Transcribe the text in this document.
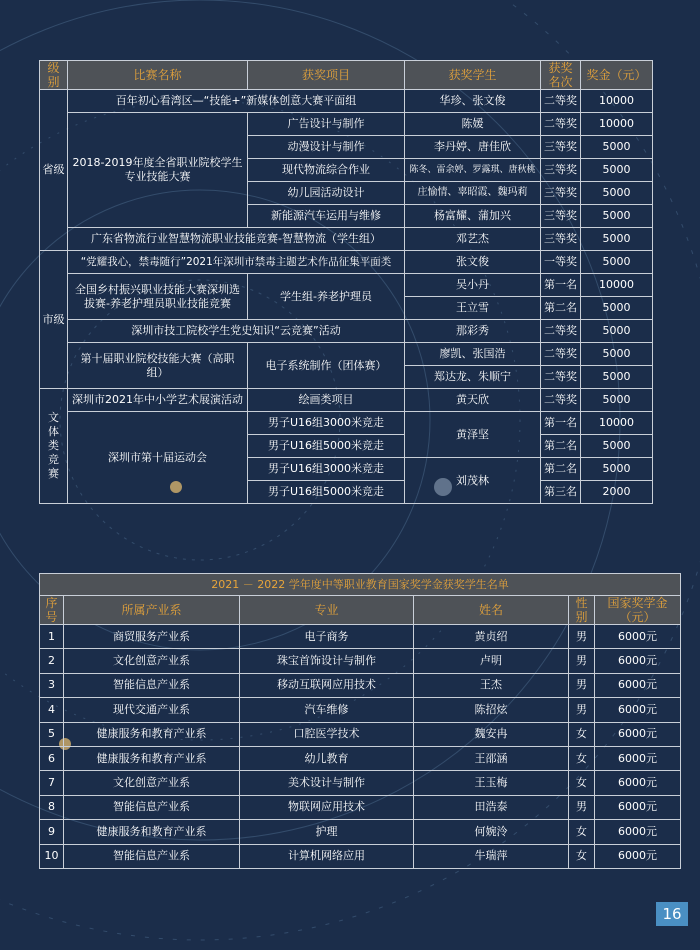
级别	比赛名称	获奖项目	获奖学生	获奖名次	奖金（元）
省级	百年初心看湾区—“技能+”新媒体创意大赛平面组		华珍、张文俊	二等奖	10000
	2018-2019年度全省职业院校学生专业技能大赛	广告设计与制作	陈媛	二等奖	10000
		动漫设计与制作	李丹婷、唐佳欣	三等奖	5000
		现代物流综合作业	陈冬、雷余婷、罗露琪、唐秋桃	三等奖	5000
		幼儿园活动设计	庄愉情、辜昭霞、魏玛莉	三等奖	5000
		新能源汽车运用与维修	杨富耀、蒲加兴	三等奖	5000
	广东省物流行业智慧物流职业技能竞赛-智慧物流（学生组）		邓艺杰	三等奖	5000
市级	“党耀我心，禁毒随行”2021年深圳市禁毒主题艺术作品征集平面类		张文俊	一等奖	5000
	全国乡村振兴职业技能大赛深圳选拔赛-养老护理员职业技能竞赛	学生组-养老护理员	吴小丹	第一名	10000
			王立雪	第二名	5000
	深圳市技工院校学生党史知识“云竞赛”活动		那彩秀	二等奖	5000
	第十届职业院校技能大赛（高职组）	电子系统制作（团体赛）	廖凯、张国浩	二等奖	5000
			郑达龙、朱顺宁	二等奖	5000
文体类竞赛	深圳市2021年中小学艺术展演活动	绘画类项目	黄天欣	二等奖	5000
	深圳市第十届运动会	男子U16组3000米竞走	黄泽坚	第一名	10000
		男子U16组5000米竞走		第二名	5000
		男子U16组3000米竞走	刘茂林	第二名	5000
		男子U16组5000米竞走		第三名	2000
2021 － 2022 学年度中等职业教育国家奖学金获奖学生名单					
序号	所属产业系	专业	姓名	性别	国家奖学金 （元）
1	商贸服务产业系	电子商务	黄贞绍	男	6000元
2	文化创意产业系	珠宝首饰设计与制作	卢明	男	6000元
3	智能信息产业系	移动互联网应用技术	王杰	男	6000元
4	现代交通产业系	汽车维修	陈招炫	男	6000元
5	健康服务和教育产业系	口腔医学技术	魏安冉	女	6000元
6	健康服务和教育产业系	幼儿教育	王邵涵	女	6000元
7	文化创意产业系	美术设计与制作	王玉梅	女	6000元
8	智能信息产业系	物联网应用技术	田浩泰	男	6000元
9	健康服务和教育产业系	护理	何婉泠	女	6000元
10	智能信息产业系	计算机网络应用	牛瑞萍	女	6000元
16
